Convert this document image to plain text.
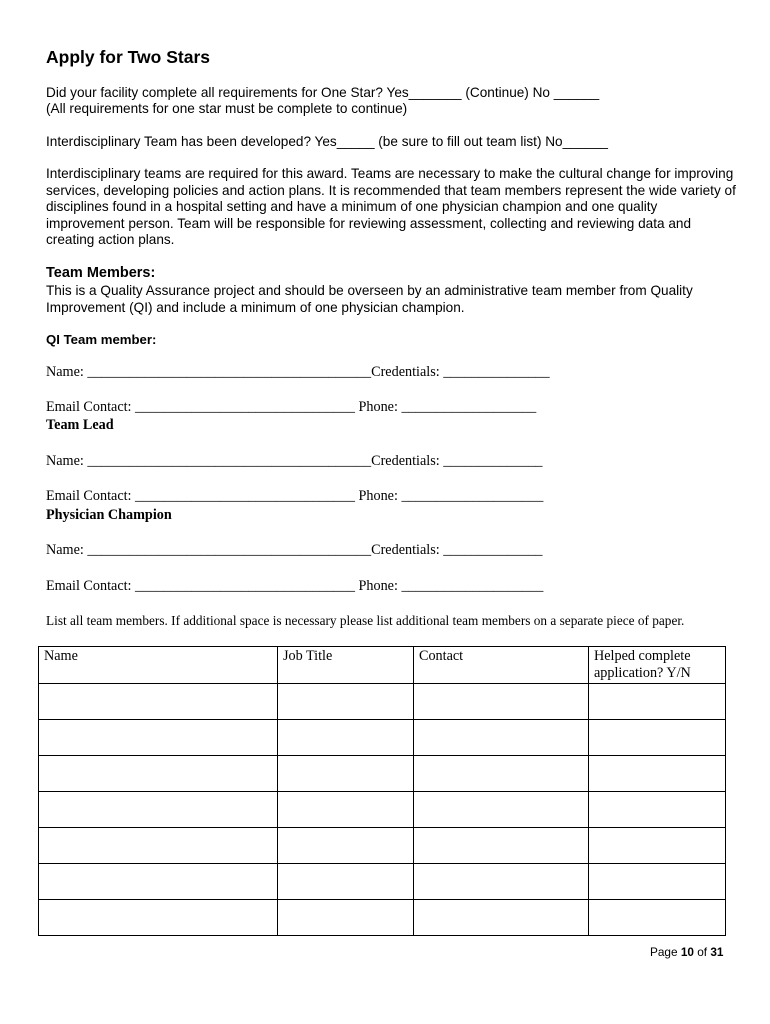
Apply for Two Stars
Did your facility complete all requirements for One Star? Yes_______ (Continue) No ______
(All requirements for one star must be complete to continue)
Interdisciplinary Team has been developed? Yes_____ (be sure to fill out team list) No______
Interdisciplinary teams are required for this award. Teams are necessary to make the cultural change for improving services, developing policies and action plans. It is recommended that team members represent the wide variety of disciplines found in a hospital setting and have a minimum of one physician champion and one quality improvement person. Team will be responsible for reviewing assessment, collecting and reviewing data and creating action plans.
Team Members:
This is a Quality Assurance project and should be overseen by an administrative team member from Quality Improvement (QI) and include a minimum of one physician champion.
QI Team member:
Name: ________________________________________Credentials: _______________
Email Contact: _______________________________ Phone: ___________________
Team Lead
Name: ________________________________________Credentials: ______________
Email Contact: _______________________________ Phone: ____________________
Physician Champion
Name: ________________________________________Credentials: ______________
Email Contact: _______________________________ Phone: ____________________
List all team members. If additional space is necessary please list additional team members on a separate piece of paper.
Name	Job Title	Contact	Helped complete application? Y/N

Page 10 of 31
